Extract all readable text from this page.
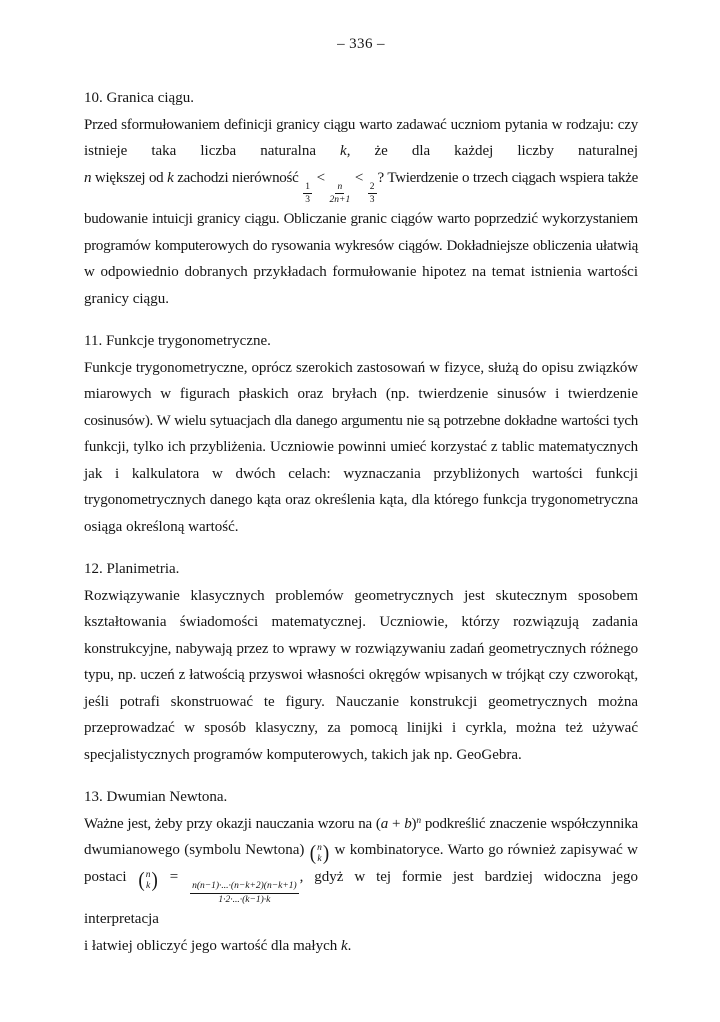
– 336 –
10. Granica ciągu.
Przed sformułowaniem definicji granicy ciągu warto zadawać uczniom pytania w rodzaju: czy
istnieje taka liczba naturalna k, że dla każdej liczby naturalnej
n większej od k zachodzi nierówność
$\frac{1}{3}$
<
$\frac{n}{2n+1}$
<
$\frac{2}{3}$
? Twierdzenie o trzech ciągach wspiera także
budowanie intuicji granicy ciągu. Obliczanie granic ciągów warto poprzedzić wykorzystaniem
programów komputerowych do rysowania wykresów ciągów. Dokładniejsze obliczenia ułatwią
w odpowiednio dobranych przykładach formułowanie hipotez na temat istnienia wartości
granicy ciągu.
11. Funkcje trygonometryczne.
Funkcje trygonometryczne, oprócz szerokich zastosowań w fizyce, służą do opisu związków
miarowych w figurach płaskich oraz bryłach (np. twierdzenie sinusów i twierdzenie
cosinusów). W wielu sytuacjach dla danego argumentu nie są potrzebne dokładne wartości tych
funkcji, tylko ich przybliżenia. Uczniowie powinni umieć korzystać z tablic matematycznych
jak i kalkulatora w dwóch celach: wyznaczania przybliżonych wartości funkcji
trygonometrycznych danego kąta oraz określenia kąta, dla którego funkcja trygonometryczna
osiąga określoną wartość.
12. Planimetria.
Rozwiązywanie klasycznych problemów geometrycznych jest skutecznym sposobem
kształtowania świadomości matematycznej. Uczniowie, którzy rozwiązują zadania
konstrukcyjne, nabywają przez to wprawy w rozwiązywaniu zadań geometrycznych różnego
typu, np. uczeń z łatwością przyswoi własności okręgów wpisanych w trójkąt czy czworokąt,
jeśli potrafi skonstruować te figury. Nauczanie konstrukcji geometrycznych można
przeprowadzać w sposób klasyczny, za pomocą linijki i cyrkla, można też używać
specjalistycznych programów komputerowych, takich jak np. GeoGebra.
13. Dwumian Newtona.
Ważne jest, żeby przy okazji nauczania wzoru na $(a + b)^n$ podkreślić znaczenie współczynnika
dwumianowego (symbolu Newtona) ( n
k ) w kombinatoryce. Warto go również zapisywać w
postaci ( n
k ) =
$\frac{n(n-1)\cdot...\cdot(n-k+2)(n-k+1)}{1\cdot 2\cdot...\cdot(k-1)\cdot k}$
, gdyż w tej formie jest bardziej widoczna jego interpretacja
i łatwiej obliczyć jego wartość dla małych k.
